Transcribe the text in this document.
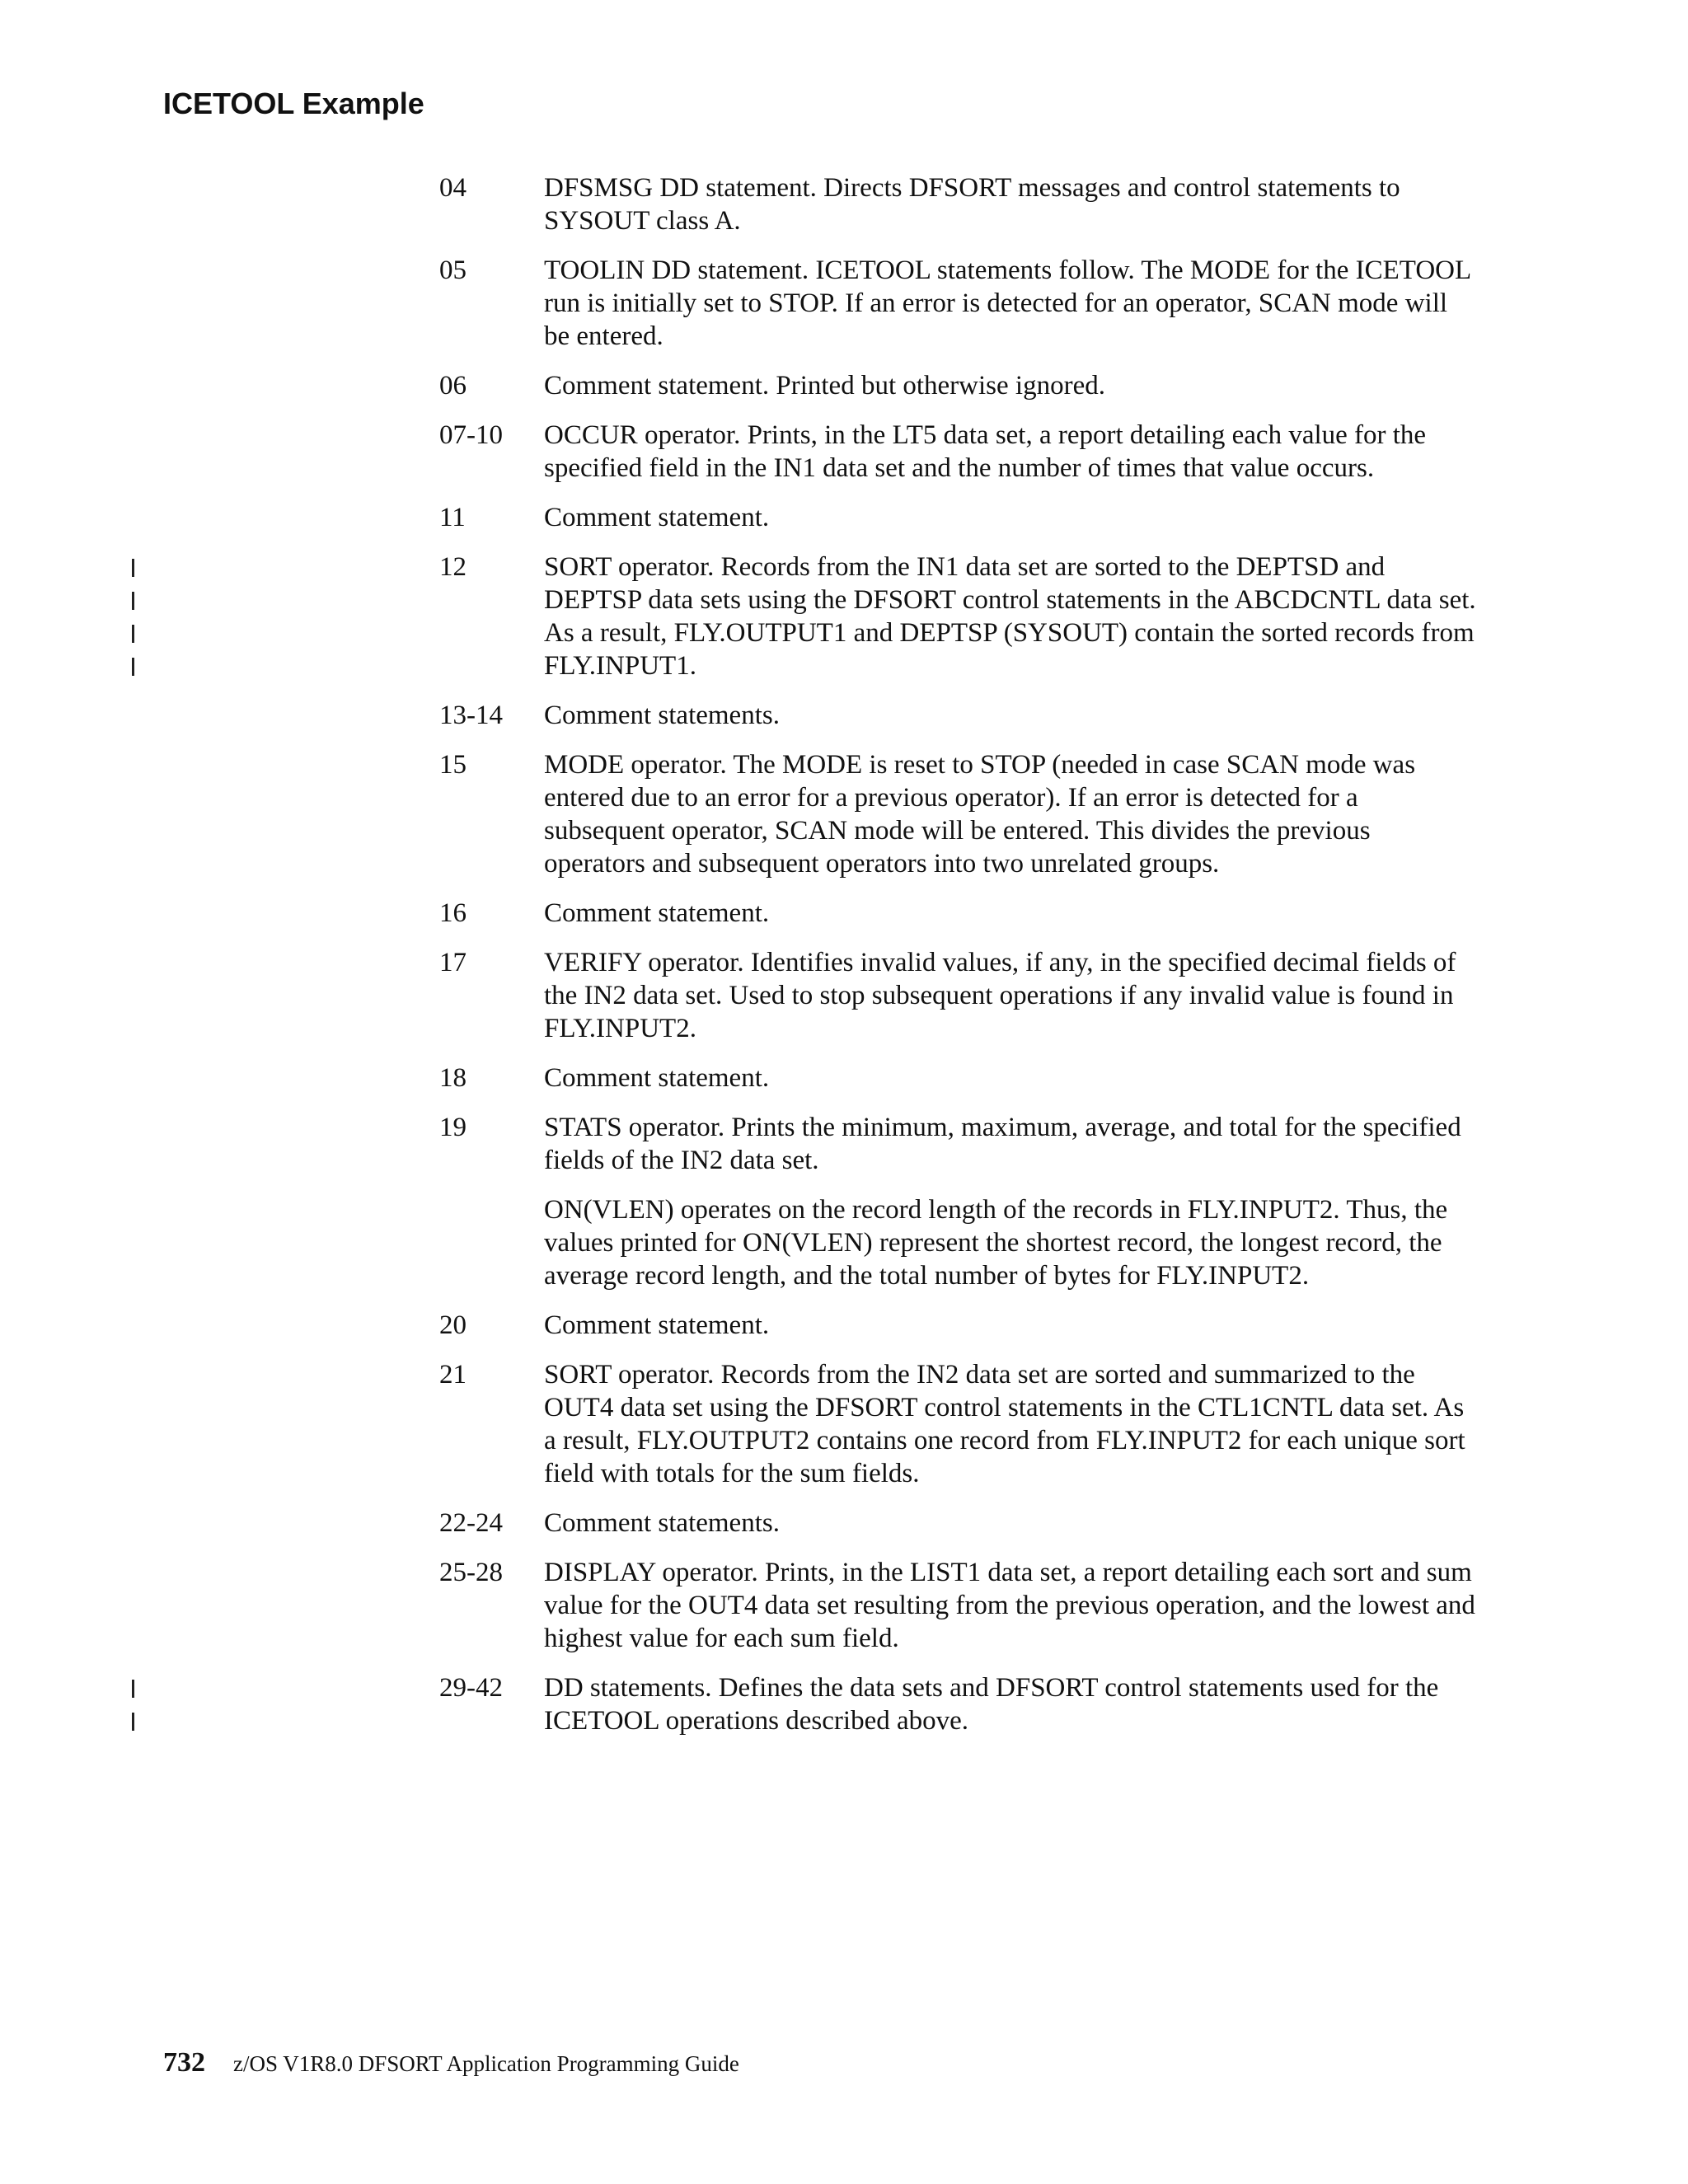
ICETOOL Example
04	DFSMSG DD statement. Directs DFSORT messages and control statements to SYSOUT class A.
05	TOOLIN DD statement. ICETOOL statements follow. The MODE for the ICETOOL run is initially set to STOP. If an error is detected for an operator, SCAN mode will be entered.
06	Comment statement. Printed but otherwise ignored.
07-10	OCCUR operator. Prints, in the LT5 data set, a report detailing each value for the specified field in the IN1 data set and the number of times that value occurs.
11	Comment statement.
12	SORT operator. Records from the IN1 data set are sorted to the DEPTSD and DEPTSP data sets using the DFSORT control statements in the ABCDCNTL data set. As a result, FLY.OUTPUT1 and DEPTSP (SYSOUT) contain the sorted records from FLY.INPUT1.
13-14	Comment statements.
15	MODE operator. The MODE is reset to STOP (needed in case SCAN mode was entered due to an error for a previous operator). If an error is detected for a subsequent operator, SCAN mode will be entered. This divides the previous operators and subsequent operators into two unrelated groups.
16	Comment statement.
17	VERIFY operator. Identifies invalid values, if any, in the specified decimal fields of the IN2 data set. Used to stop subsequent operations if any invalid value is found in FLY.INPUT2.
18	Comment statement.
19	STATS operator. Prints the minimum, maximum, average, and total for the specified fields of the IN2 data set.
ON(VLEN) operates on the record length of the records in FLY.INPUT2. Thus, the values printed for ON(VLEN) represent the shortest record, the longest record, the average record length, and the total number of bytes for FLY.INPUT2.
20	Comment statement.
21	SORT operator. Records from the IN2 data set are sorted and summarized to the OUT4 data set using the DFSORT control statements in the CTL1CNTL data set. As a result, FLY.OUTPUT2 contains one record from FLY.INPUT2 for each unique sort field with totals for the sum fields.
22-24	Comment statements.
25-28	DISPLAY operator. Prints, in the LIST1 data set, a report detailing each sort and sum value for the OUT4 data set resulting from the previous operation, and the lowest and highest value for each sum field.
29-42	DD statements. Defines the data sets and DFSORT control statements used for the ICETOOL operations described above.
732 z/OS V1R8.0 DFSORT Application Programming Guide
